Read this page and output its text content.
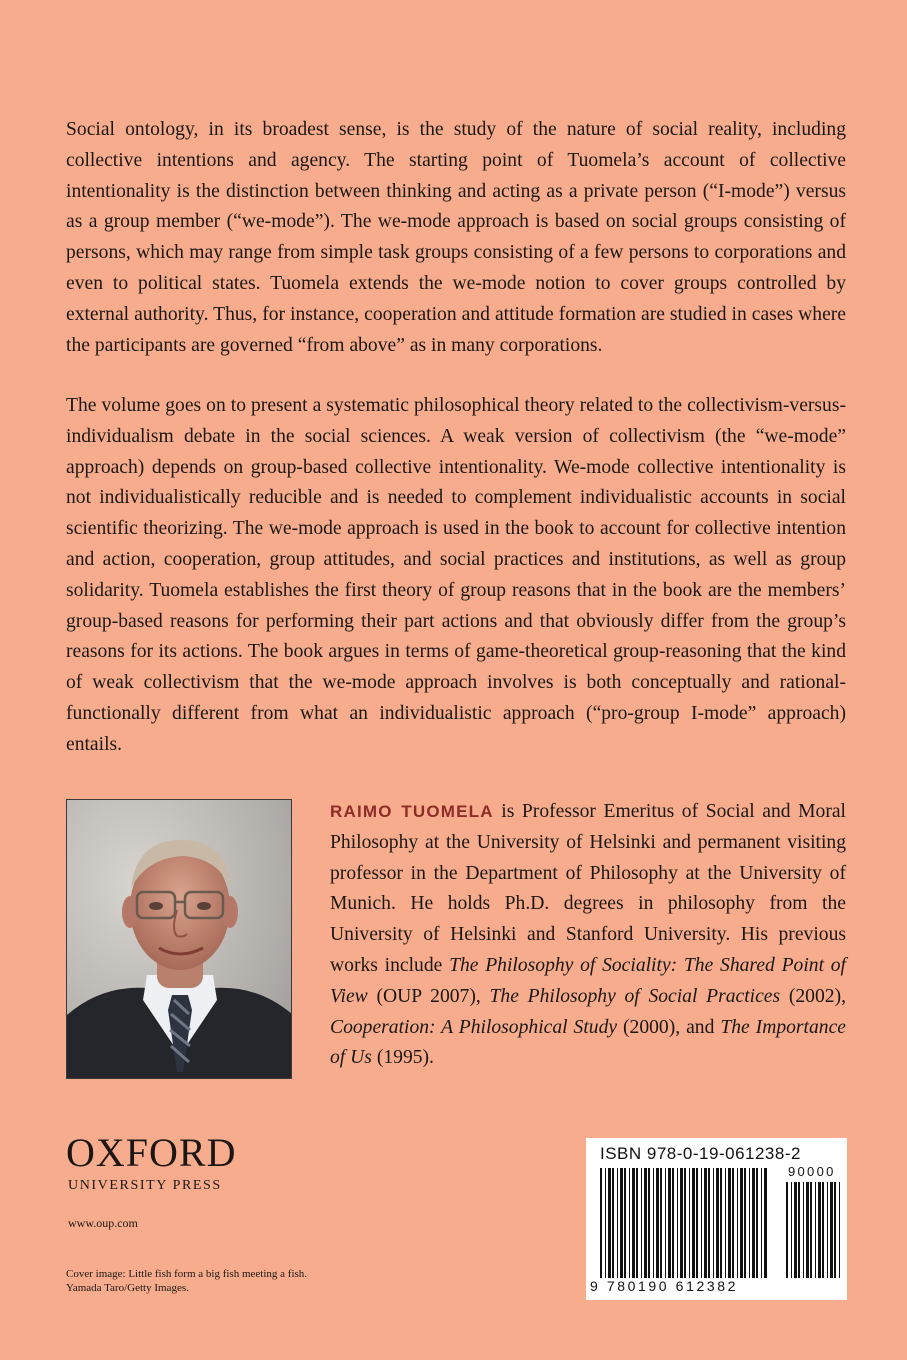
Social ontology, in its broadest sense, is the study of the nature of social reality, including collective intentions and agency. The starting point of Tuomela’s account of collective intentionality is the distinction between thinking and acting as a private person (“I-mode”) versus as a group member (“we-mode”). The we-mode approach is based on social groups consisting of persons, which may range from simple task groups consisting of a few persons to corporations and even to political states. Tuomela extends the we-mode notion to cover groups controlled by external authority. Thus, for instance, cooperation and attitude formation are studied in cases where the participants are governed “from above” as in many corporations.

The volume goes on to present a systematic philosophical theory related to the collectivism-versus-individualism debate in the social sciences. A weak version of collectivism (the “we-mode” approach) depends on group-based collective intentionality. We-mode collective intentionality is not individualistically reducible and is needed to complement individualistic accounts in social scientific theorizing. The we-mode approach is used in the book to account for collective intention and action, cooperation, group attitudes, and social practices and institutions, as well as group solidarity. Tuomela establishes the first theory of group reasons that in the book are the members’ group-based reasons for performing their part actions and that obviously differ from the group’s reasons for its actions. The book argues in terms of game-theoretical group-reasoning that the kind of weak collectivism that the we-mode approach involves is both conceptually and rational-functionally different from what an individualistic approach (“pro-group I-mode” approach) entails.

RAIMO TUOMELA is Professor Emeritus of Social and Moral Philosophy at the University of Helsinki and permanent visiting professor in the Department of Philosophy at the University of Munich. He holds Ph.D. degrees in philosophy from the University of Helsinki and Stanford University. His previous works include The Philosophy of Sociality: The Shared Point of View (OUP 2007), The Philosophy of Social Practices (2002), Cooperation: A Philosophical Study (2000), and The Importance of Us (1995).

OXFORD
UNIVERSITY PRESS
www.oup.com
Cover image: Little fish form a big fish meeting a fish.
Yamada Taro/Getty Images.
ISBN 978-0-19-061238-2
90000
9 780190 612382
